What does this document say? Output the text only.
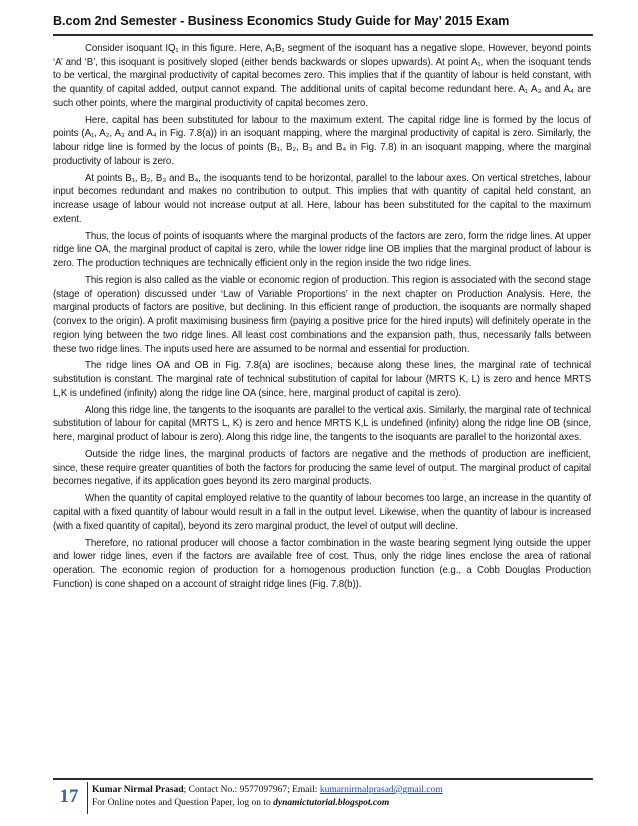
B.com 2nd Semester - Business Economics Study Guide for May’ 2015 Exam

Consider isoquant IQ₁ in this figure. Here, A₁B₁ segment of the isoquant has a negative slope. However, beyond points ‘A’ and ‘B’, this isoquant is positively sloped (either bends backwards or slopes upwards). At point A₁, when the isoquant tends to be vertical, the marginal productivity of capital becomes zero. This implies that if the quantity of labour is held constant, with the quantity of capital added, output cannot expand. The additional units of capital become redundant here. A₁ A₃ and A₄ are such other points, where the marginal productivity of capital becomes zero.

Here, capital has been substituted for labour to the maximum extent. The capital ridge line is formed by the locus of points (A₁, A₂, A₃ and A₄ in Fig. 7.8(a)) in an isoquant mapping, where the marginal productivity of capital is zero. Similarly, the labour ridge line is formed by the locus of points (B₁, B₂, B₃ and B₄ in Fig. 7.8) in an isoquant mapping, where the marginal productivity of labour is zero.

At points B₁, B₂, B₃ and B₄, the isoquants tend to be horizontal, parallel to the labour axes. On vertical stretches, labour input becomes redundant and makes no contribution to output. This implies that with quantity of capital held constant, an increase usage of labour would not increase output at all. Here, labour has been substituted for the capital to the maximum extent.

Thus, the locus of points of isoquants where the marginal products of the factors are zero, form the ridge lines. At upper ridge line OA, the marginal product of capital is zero, while the lower ridge line OB implies that the marginal product of labour is zero. The production techniques are technically efficient only in the region inside the two ridge lines.

This region is also called as the viable or economic region of production. This region is associated with the second stage (stage of operation) discussed under ‘Law of Variable Proportions’ in the next chapter on Production Analysis. Here, the marginal products of factors are positive, but declining. In this efficient range of production, the isoquants are normally shaped (convex to the origin). A profit maximising business firm (paying a positive price for the hired inputs) will definitely operate in the region lying between the two ridge lines. All least cost combinations and the expansion path, thus, necessarily falls between these two ridge lines. The inputs used here are assumed to be normal and essential for production.

The ridge lines OA and OB in Fig. 7.8(a) are isoclines, because along these lines, the marginal rate of technical substitution is constant. The marginal rate of technical substitution of capital for labour (MRTS K, L) is zero and hence MRTS L,K is undefined (infinity) along the ridge line OA (since, here, marginal product of capital is zero).

Along this ridge line, the tangents to the isoquants are parallel to the vertical axis. Similarly, the marginal rate of technical substitution of labour for capital (MRTS L, K) is zero and hence MRTS K,L is undefined (infinity) along the ridge line OB (since, here, marginal product of labour is zero). Along this ridge line, the tangents to the isoquants are parallel to the horizontal axes.

Outside the ridge lines, the marginal products of factors are negative and the methods of production are inefficient, since, these require greater quantities of both the factors for producing the same level of output. The marginal product of capital becomes negative, if its application goes beyond its zero marginal products.

When the quantity of capital employed relative to the quantity of labour becomes too large, an increase in the quantity of capital with a fixed quantity of labour would result in a fall in the output level. Likewise, when the quantity of labour is increased (with a fixed quantity of capital), beyond its zero marginal product, the level of output will decline.

Therefore, no rational producer will choose a factor combination in the waste bearing segment lying outside the upper and lower ridge lines, even if the factors are available free of cost. Thus, only the ridge lines enclose the area of rational operation. The economic region of production for a homogenous production function (e.g., a Cobb Douglas Production Function) is cone shaped on a account of straight ridge lines (Fig. 7.8(b)).

17	Kumar Nirmal Prasad; Contact No.: 9577097967; Email: kumarnirmalprasad@gmail.com
For Online notes and Question Paper, log on to dynamictutorial.blogspot.com
